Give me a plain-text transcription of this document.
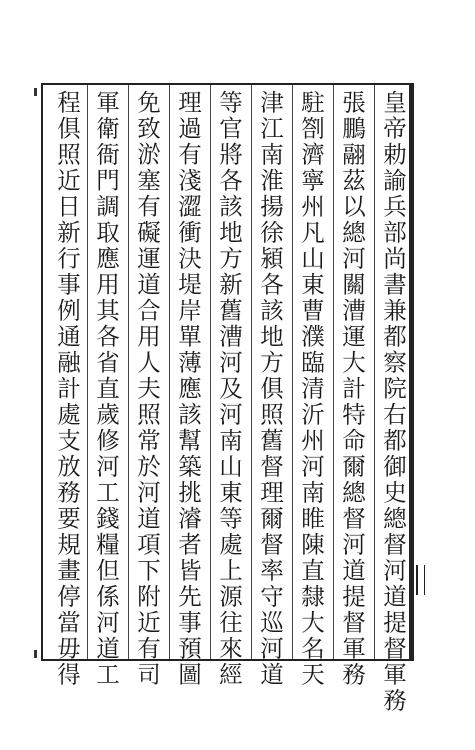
皇帝勅諭兵部尚書兼都察院右都御史總督河道提督軍務
張鵬翮茲以總河關漕運大計特命爾總督河道提督軍務
駐劄濟寧州凡山東曹濮臨清沂州河南睢陳直隸大名天
津江南淮揚徐潁各該地方俱照舊督理爾督率守巡河道
等官將各該地方新舊漕河及河南山東等處上源往來經
理過有淺澀衝決堤岸單薄應該幫築挑濬者皆先事預圖
免致淤塞有礙運道合用人夫照常於河道項下附近有司
軍衛衙門調取應用其各省直歲修河工錢糧但係河道工
程俱照近日新行事例通融計處支放務要規畫停當毋得
